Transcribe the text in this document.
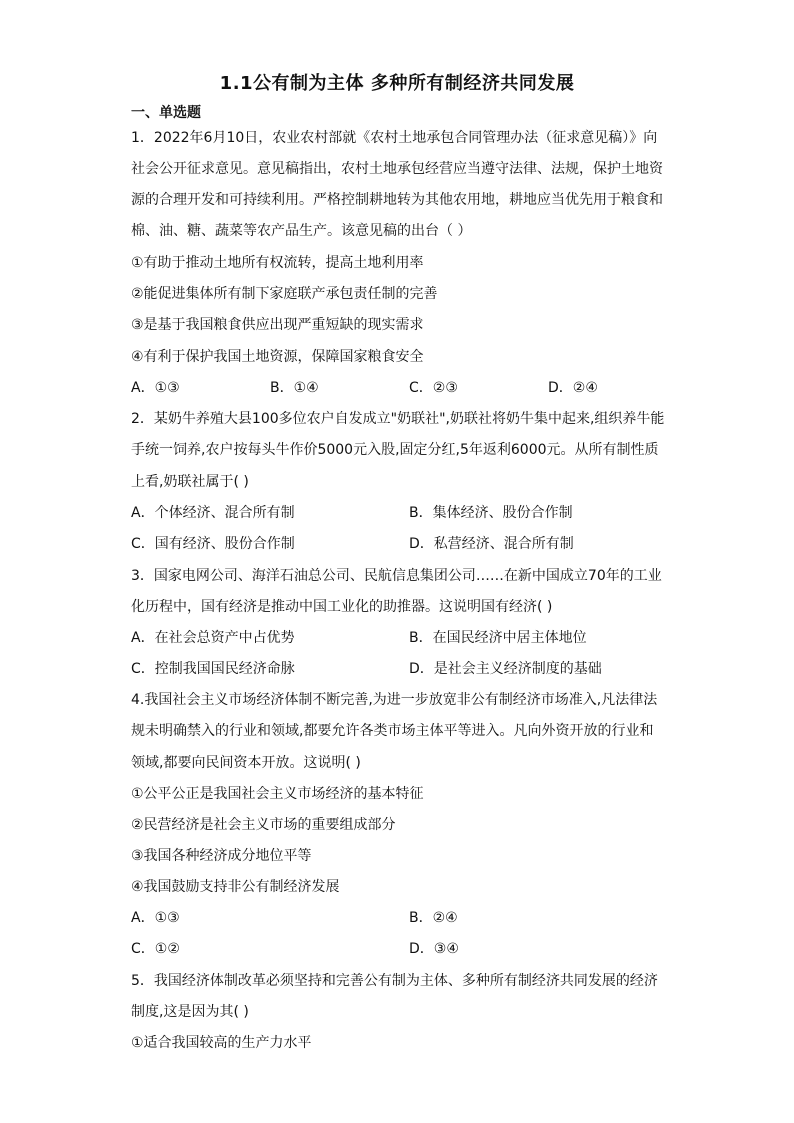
1.1公有制为主体 多种所有制经济共同发展
一、单选题
1．2022年6月10日，农业农村部就《农村土地承包合同管理办法（征求意见稿）》向
社会公开征求意见。意见稿指出，农村土地承包经营应当遵守法律、法规，保护土地资
源的合理开发和可持续利用。严格控制耕地转为其他农用地，耕地应当优先用于粮食和
棉、油、糖、蔬菜等农产品生产。该意见稿的出台（ ）
①有助于推动土地所有权流转，提高土地利用率
②能促进集体所有制下家庭联产承包责任制的完善
③是基于我国粮食供应出现严重短缺的现实需求
④有利于保护我国土地资源，保障国家粮食安全
A．①③	B．①④	C．②③	D．②④
2．某奶牛养殖大县100多位农户自发成立"奶联社",奶联社将奶牛集中起来,组织养牛能
手统一饲养,农户按每头牛作价5000元入股,固定分红,5年返利6000元。从所有制性质
上看,奶联社属于( )
A．个体经济、混合所有制	B．集体经济、股份合作制
C．国有经济、股份合作制	D．私营经济、混合所有制
3．国家电网公司、海洋石油总公司、民航信息集团公司……在新中国成立70年的工业
化历程中，国有经济是推动中国工业化的助推器。这说明国有经济( )
A．在社会总资产中占优势	B．在国民经济中居主体地位
C．控制我国国民经济命脉	D．是社会主义经济制度的基础
4.我国社会主义市场经济体制不断完善,为进一步放宽非公有制经济市场准入,凡法律法
规未明确禁入的行业和领域,都要允许各类市场主体平等进入。凡向外资开放的行业和
领域,都要向民间资本开放。这说明( )
①公平公正是我国社会主义市场经济的基本特征
②民营经济是社会主义市场的重要组成部分
③我国各种经济成分地位平等
④我国鼓励支持非公有制经济发展
A．①③	B．②④
C．①②	D．③④
5．我国经济体制改革必须坚持和完善公有制为主体、多种所有制经济共同发展的经济
制度,这是因为其( )
①适合我国较高的生产力水平
